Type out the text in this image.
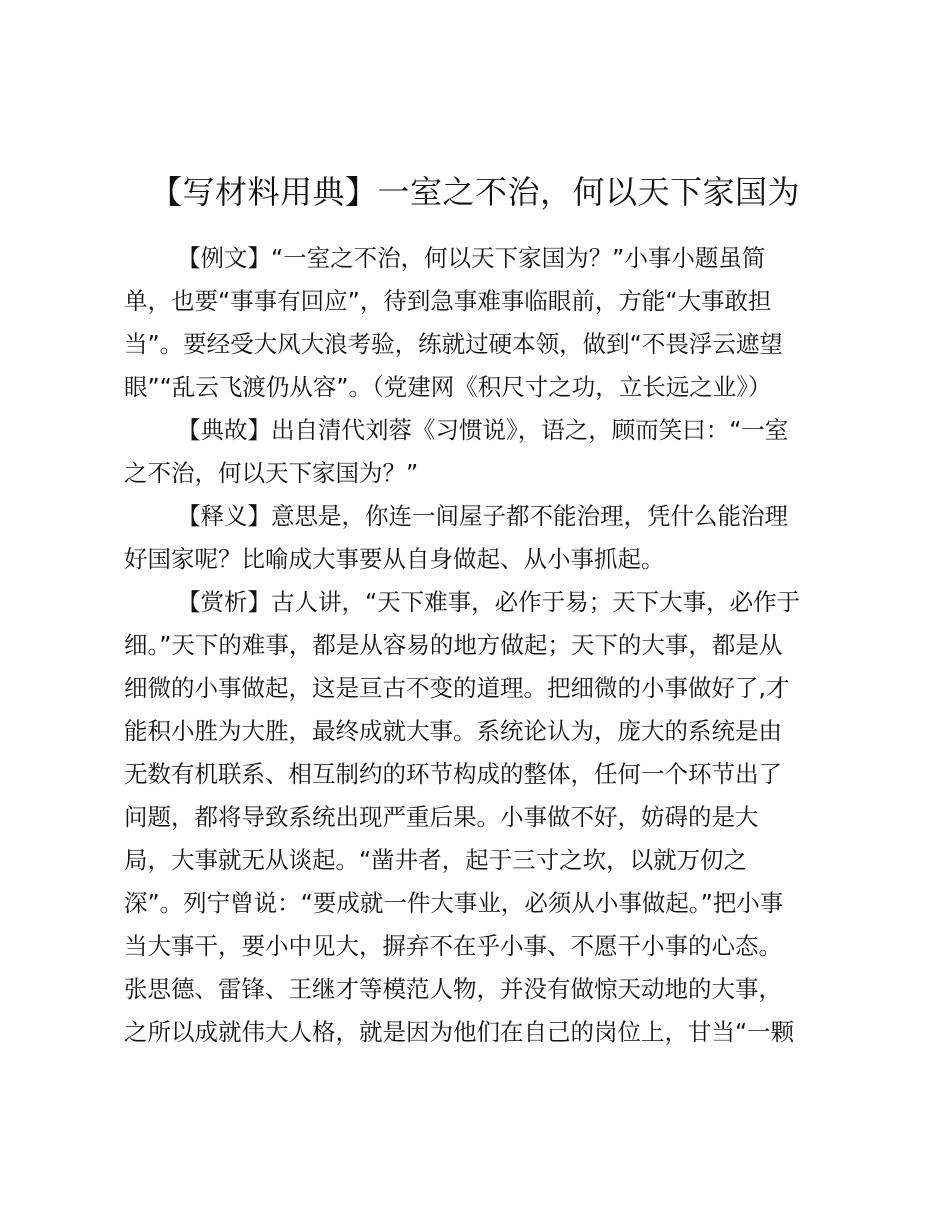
【写材料用典】一室之不治，何以天下家国为
【例文】“一室之不治，何以天下家国为？”小事小题虽简
单，也要“事事有回应”，待到急事难事临眼前，方能“大事敢担
当”。要经受大风大浪考验，练就过硬本领，做到“不畏浮云遮望
眼”“乱云飞渡仍从容”。（党建网《积尺寸之功，立长远之业》）
【典故】出自清代刘蓉《习惯说》，语之，顾而笑曰：“一室
之不治，何以天下家国为？”
【释义】意思是，你连一间屋子都不能治理，凭什么能治理
好国家呢？比喻成大事要从自身做起、从小事抓起。
【赏析】古人讲，“天下难事，必作于易；天下大事，必作于
细。”天下的难事，都是从容易的地方做起；天下的大事，都是从
细微的小事做起，这是亘古不变的道理。把细微的小事做好了,才
能积小胜为大胜，最终成就大事。系统论认为，庞大的系统是由
无数有机联系、相互制约的环节构成的整体，任何一个环节出了
问题，都将导致系统出现严重后果。小事做不好，妨碍的是大
局，大事就无从谈起。“凿井者，起于三寸之坎，以就万仞之
深”。列宁曾说：“要成就一件大事业，必须从小事做起。”把小事
当大事干，要小中见大，摒弃不在乎小事、不愿干小事的心态。
张思德、雷锋、王继才等模范人物，并没有做惊天动地的大事，
之所以成就伟大人格，就是因为他们在自己的岗位上，甘当“一颗
